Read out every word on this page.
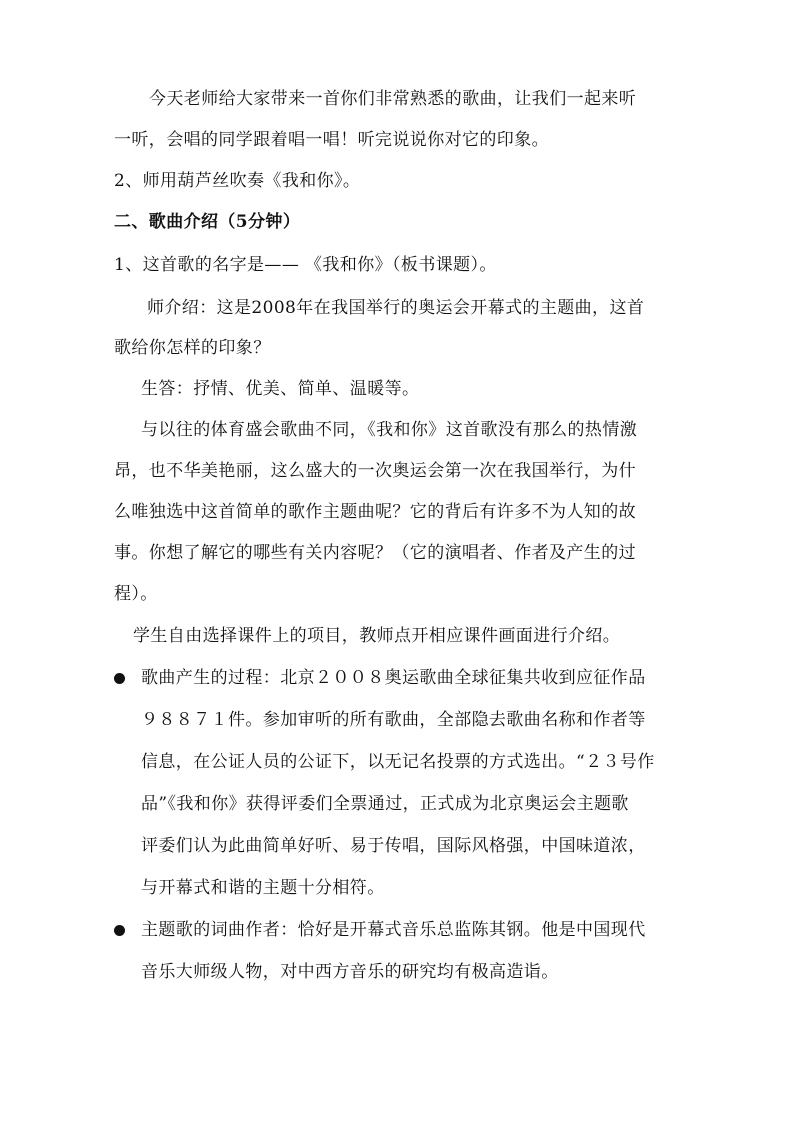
今天老师给大家带来一首你们非常熟悉的歌曲，让我们一起来听
一听，会唱的同学跟着唱一唱！听完说说你对它的印象。
2、师用葫芦丝吹奏《我和你》。
二、歌曲介绍（5分钟）
1、这首歌的名字是—— 《我和你》（板书课题）。
师介绍：这是2008年在我国举行的奥运会开幕式的主题曲，这首
歌给你怎样的印象？
生答：抒情、优美、简单、温暖等。
与以往的体育盛会歌曲不同，《我和你》这首歌没有那么的热情激
昂，也不华美艳丽，这么盛大的一次奥运会第一次在我国举行，为什
么唯独选中这首简单的歌作主题曲呢？它的背后有许多不为人知的故
事。你想了解它的哪些有关内容呢？（它的演唱者、作者及产生的过
程）。
学生自由选择课件上的项目，教师点开相应课件画面进行介绍。
歌曲产生的过程：北京２００８奥运歌曲全球征集共收到应征作品
９８８７１件。参加审听的所有歌曲，全部隐去歌曲名称和作者等
信息，在公证人员的公证下，以无记名投票的方式选出。“２３号作
品”《我和你》获得评委们全票通过，正式成为北京奥运会主题歌
评委们认为此曲简单好听、易于传唱，国际风格强，中国味道浓，
与开幕式和谐的主题十分相符。
主题歌的词曲作者：恰好是开幕式音乐总监陈其钢。他是中国现代
音乐大师级人物，对中西方音乐的研究均有极高造诣。
